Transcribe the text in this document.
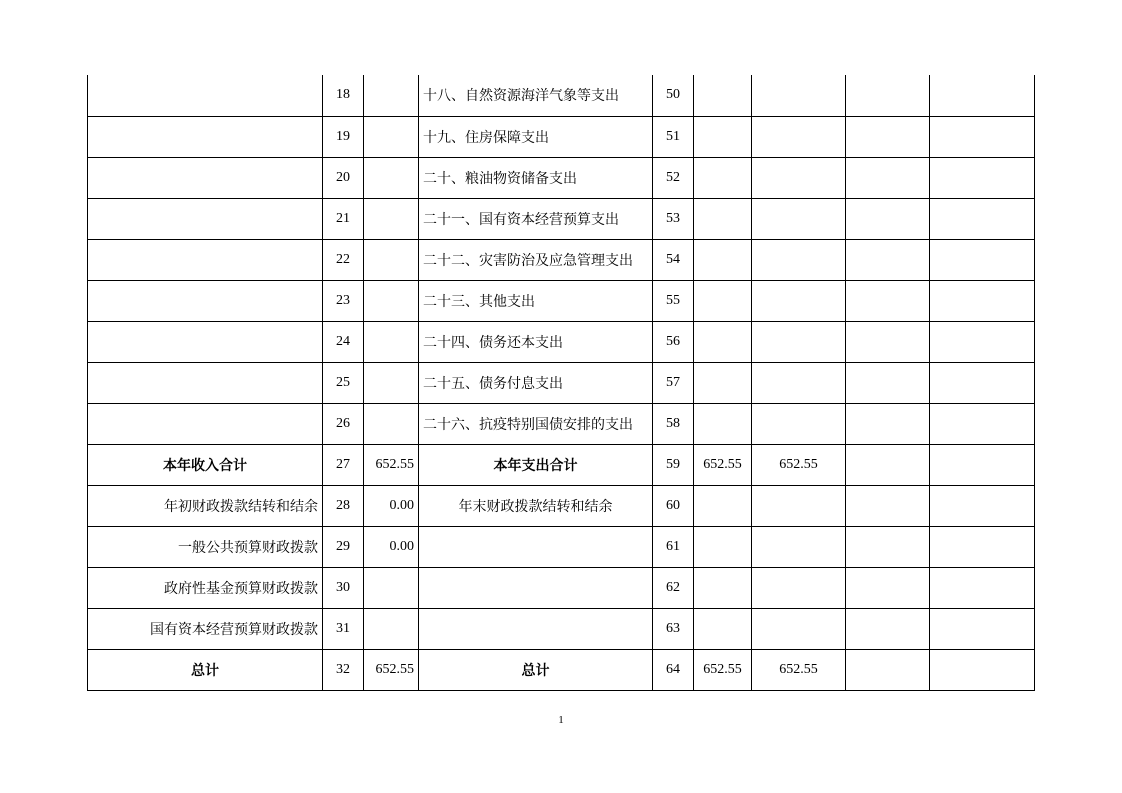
	18		十八、自然资源海洋气象等支出	50				
	19		十九、住房保障支出	51				
	20		二十、粮油物资储备支出	52				
	21		二十一、国有资本经营预算支出	53				
	22		二十二、灾害防治及应急管理支出	54				
	23		二十三、其他支出	55				
	24		二十四、债务还本支出	56				
	25		二十五、债务付息支出	57				
	26		二十六、抗疫特别国债安排的支出	58				
本年收入合计	27	652.55	本年支出合计	59	652.55	652.55		
年初财政拨款结转和结余	28	0.00	年末财政拨款结转和结余	60				
一般公共预算财政拨款	29	0.00		61				
政府性基金预算财政拨款	30			62				
国有资本经营预算财政拨款	31			63				
总计	32	652.55	总计	64	652.55	652.55		
1
